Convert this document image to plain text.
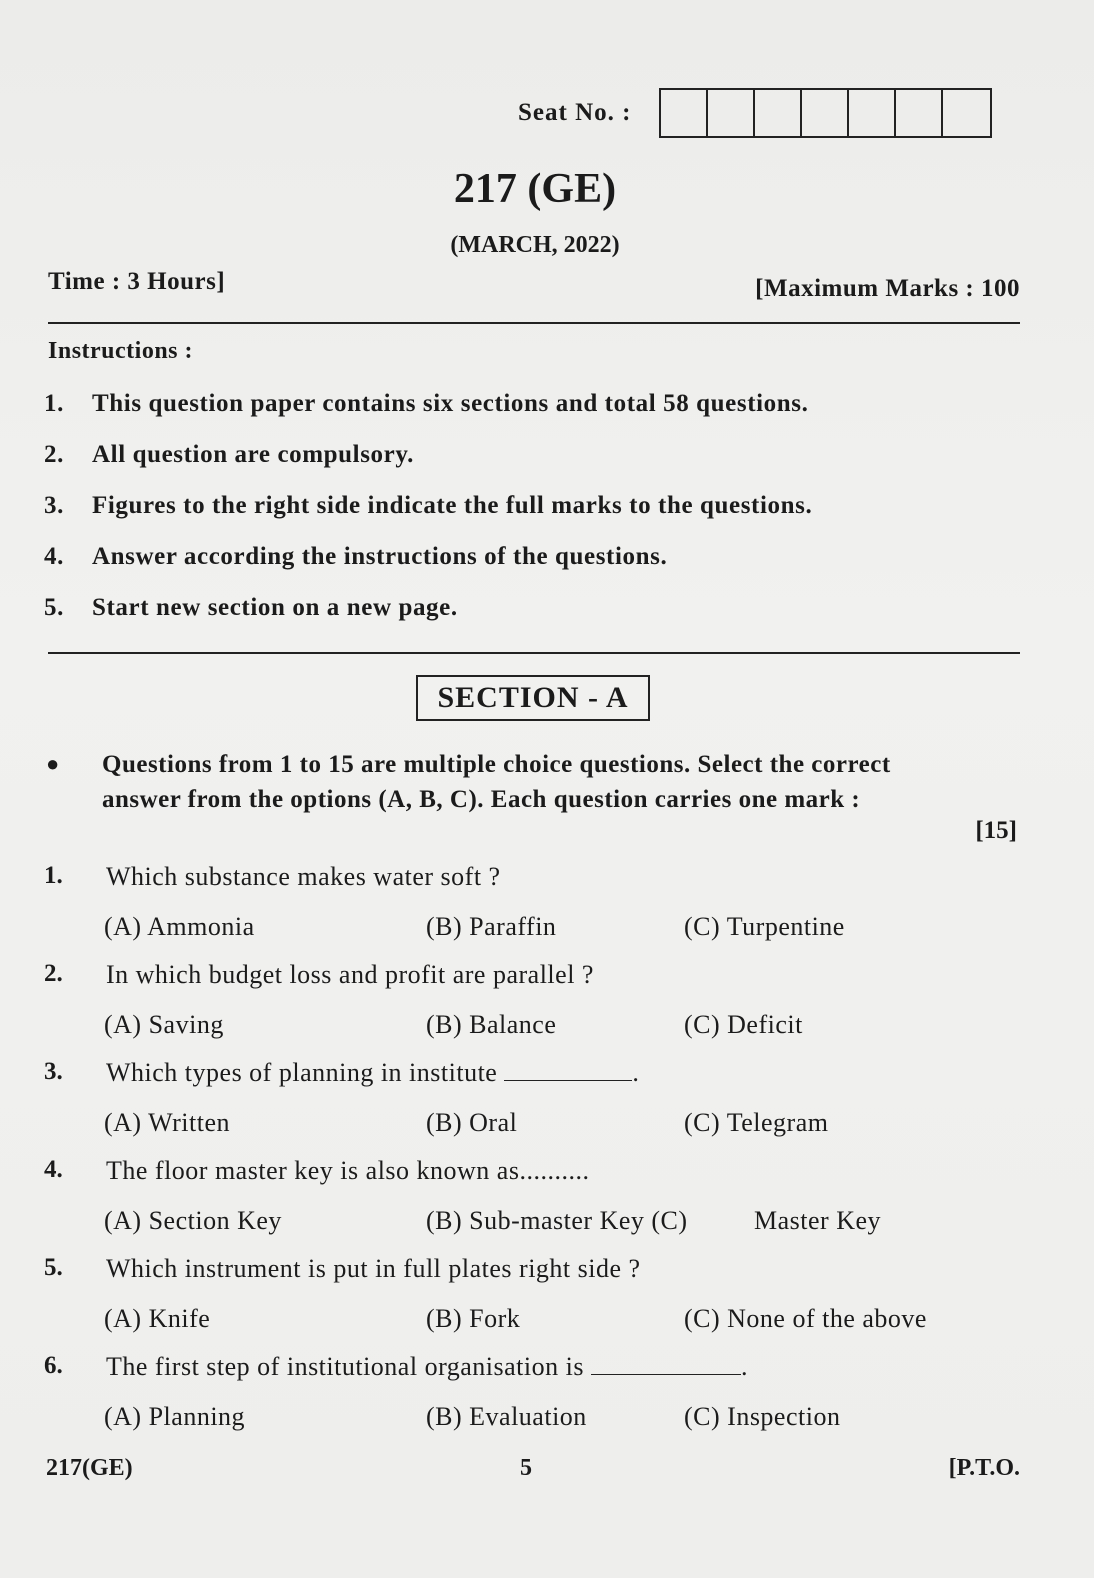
Seat No. :
217 (GE)
(MARCH, 2022)
Time : 3 Hours]	[Maximum Marks : 100
Instructions :
1.	This question paper contains six sections and total 58 questions.
2.	All question are compulsory.
3.	Figures to the right side indicate the full marks to the questions.
4.	Answer according the instructions of the questions.
5.	Start new section on a new page.
SECTION - A
● Questions from 1 to 15 are multiple choice questions. Select the correct answer from the options (A, B, C). Each question carries one mark :
[15]
1. Which substance makes water soft ?
(A) Ammonia	(B) Paraffin	(C) Turpentine
2. In which budget loss and profit are parallel ?
(A) Saving	(B) Balance	(C) Deficit
3. Which types of planning in institute	.
(A) Written	(B) Oral	(C) Telegram
4. The floor master key is also known as..........
(A) Section Key	(B) Sub-master Key (C)	Master Key
5. Which instrument is put in full plates right side ?
(A) Knife	(B) Fork	(C) None of the above
6. The first step of institutional organisation is	.
(A) Planning	(B) Evaluation	(C) Inspection
217(GE)	5	[P.T.O.
